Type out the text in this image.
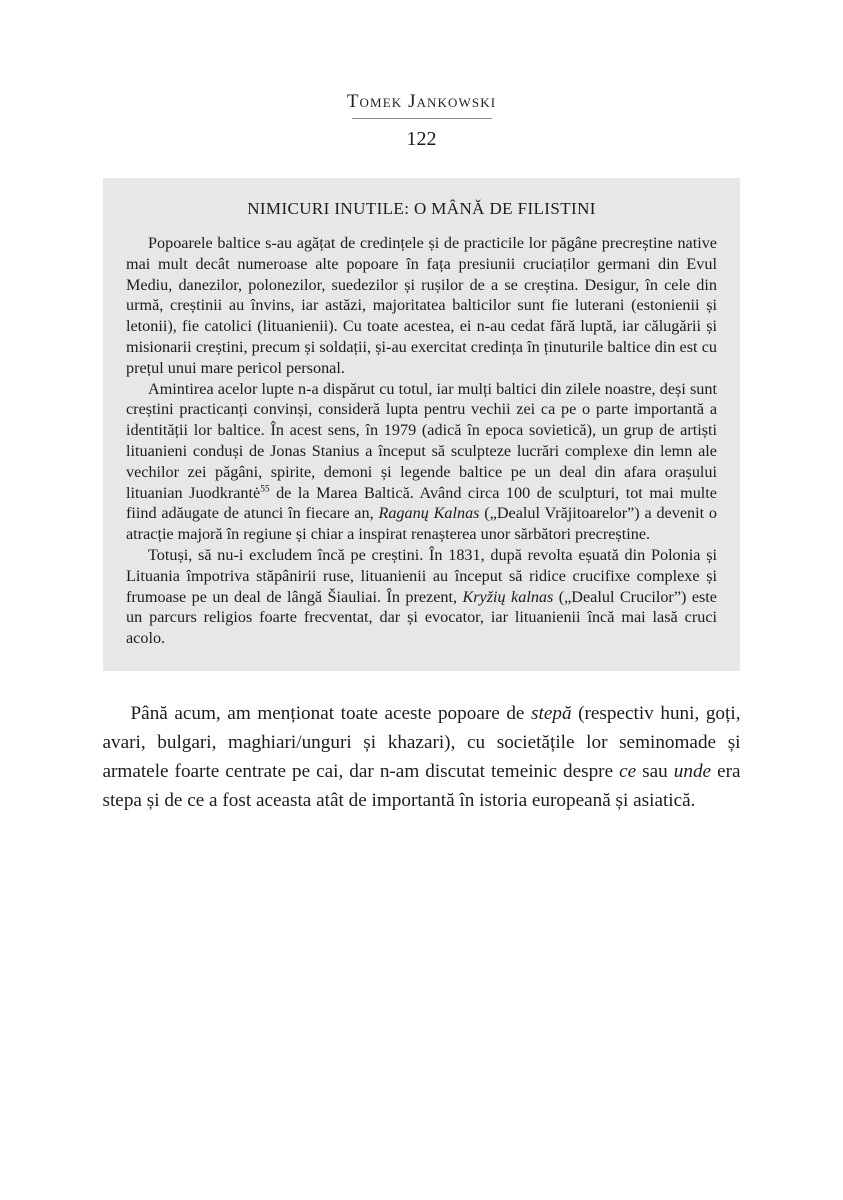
Tomek Jankowski
122
NIMICURI INUTILE: O MÂNĂ DE FILISTINI

Popoarele baltice s-au agățat de credințele și de practicile lor păgâne precreștine native mai mult decât numeroase alte popoare în fața presiunii cruciaților germani din Evul Mediu, danezilor, polonezilor, suedezilor și rușilor de a se creștina. Desigur, în cele din urmă, creștinii au învins, iar astăzi, majoritatea balticilor sunt fie luterani (estonienii și letonii), fie catolici (lituanienii). Cu toate acestea, ei n-au cedat fără luptă, iar călugării și misionarii creștini, precum și soldații, și-au exercitat credința în ținuturile baltice din est cu prețul unui mare pericol personal.

Amintirea acelor lupte n-a dispărut cu totul, iar mulți baltici din zilele noastre, deși sunt creștini practicanți convinși, consideră lupta pentru vechii zei ca pe o parte importantă a identității lor baltice. În acest sens, în 1979 (adică în epoca sovietică), un grup de artiști lituanieni conduși de Jonas Stanius a început să sculpteze lucrări complexe din lemn ale vechilor zei păgâni, spirite, demoni și legende baltice pe un deal din afara orașului lituanian Juodkrantė$^{55}$ de la Marea Baltică. Având circa 100 de sculpturi, tot mai multe fiind adăugate de atunci în fiecare an, Raganų Kalnas („Dealul Vrăjitoarelor”) a devenit o atracție majoră în regiune și chiar a inspirat renașterea unor sărbători precreștine.

Totuși, să nu-i excludem încă pe creștini. În 1831, după revolta eșuată din Polonia și Lituania împotriva stăpânirii ruse, lituanienii au început să ridice crucifixe complexe și frumoase pe un deal de lângă Šiauliai. În prezent, Kryžių kalnas („Dealul Crucilor”) este un parcurs religios foarte frecventat, dar și evocator, iar lituanienii încă mai lasă cruci acolo.

Până acum, am menționat toate aceste popoare de stepă (respectiv huni, goți, avari, bulgari, maghiari/unguri și khazari), cu societățile lor seminomade și armatele foarte centrate pe cai, dar n-am discutat temeinic despre ce sau unde era stepa și de ce a fost aceasta atât de importantă în istoria europeană și asiatică.
